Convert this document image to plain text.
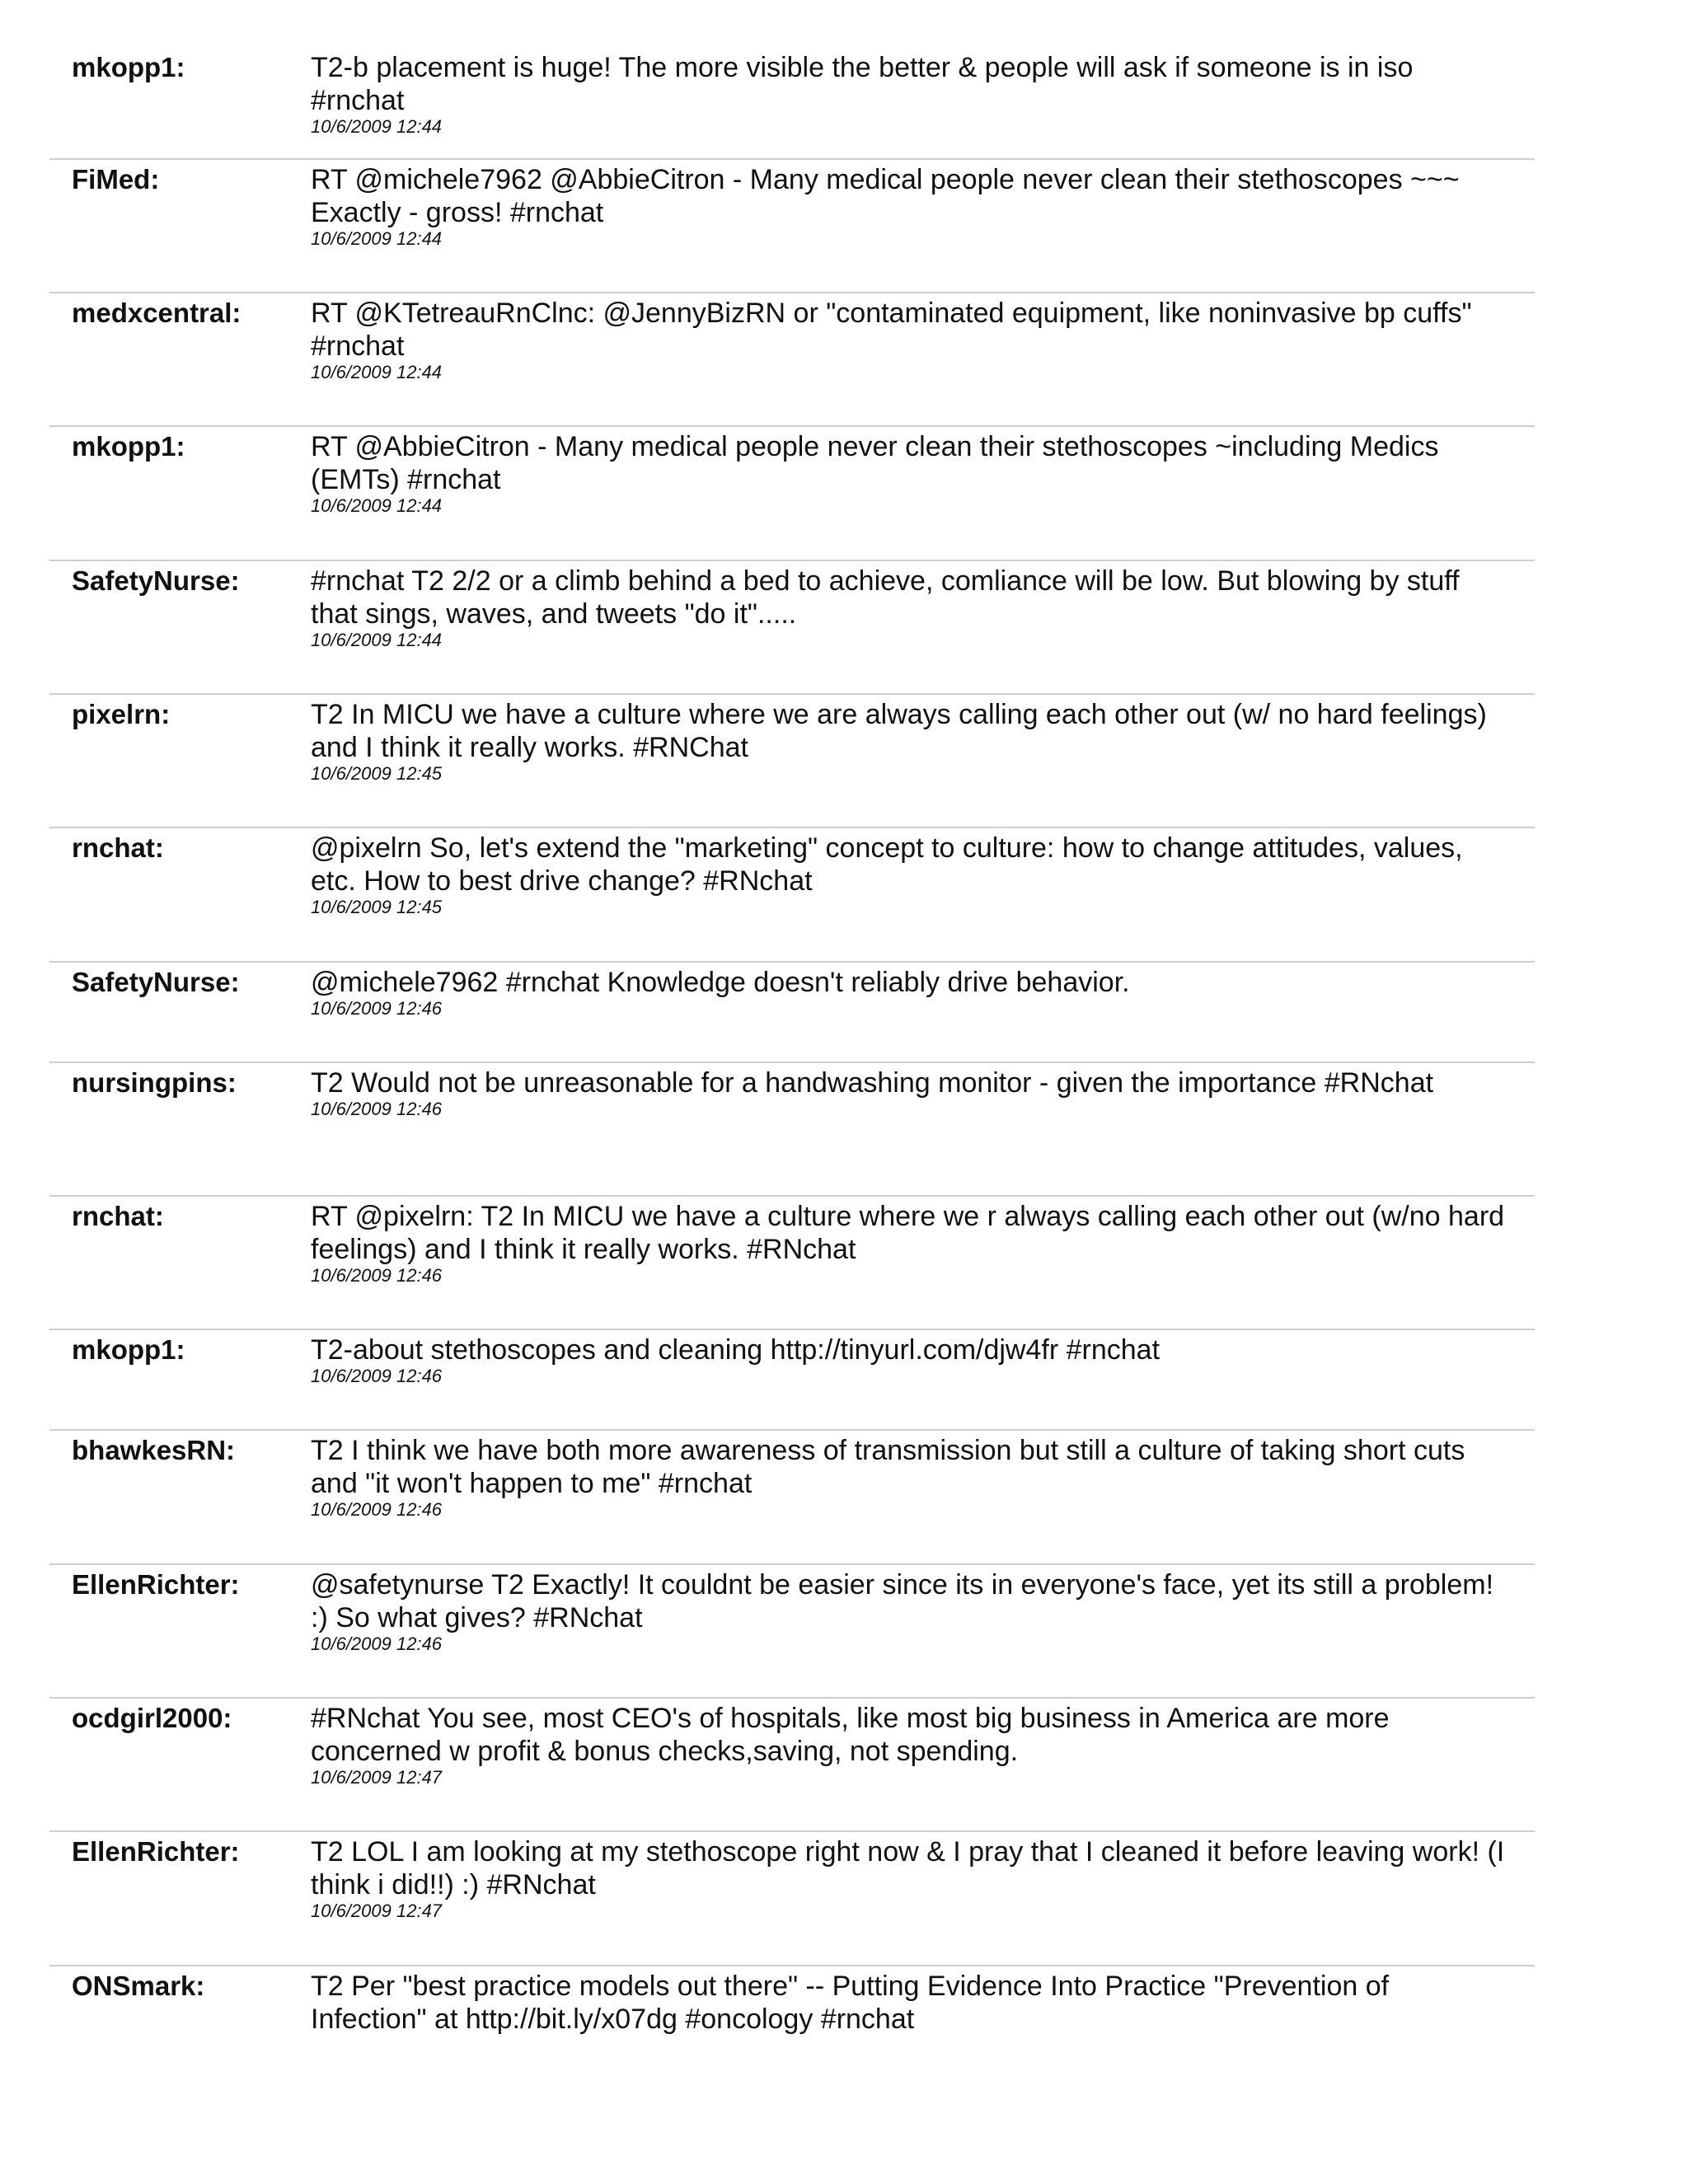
mkopp1:	T2-b placement is huge! The more visible the better & people will ask if someone is in iso #rnchat

10/6/2009 12:44

FiMed:	RT @michele7962 @AbbieCitron - Many medical people never clean their stethoscopes ~~~ Exactly - gross! #rnchat

10/6/2009 12:44

medxcentral:	RT @KTetreauRnClnc: @JennyBizRN or "contaminated equipment, like noninvasive bp cuffs" #rnchat

10/6/2009 12:44

mkopp1:	RT @AbbieCitron - Many medical people never clean their stethoscopes ~including Medics (EMTs) #rnchat

10/6/2009 12:44

SafetyNurse:	#rnchat T2 2/2 or a climb behind a bed to achieve, comliance will be low. But blowing by stuff that sings, waves, and tweets "do it".....

10/6/2009 12:44

pixelrn:	T2 In MICU we have a culture where we are always calling each other out (w/ no hard feelings) and I think it really works. #RNChat

10/6/2009 12:45

rnchat:	@pixelrn So, let's extend the "marketing" concept to culture: how to change attitudes, values, etc. How to best drive change? #RNchat

10/6/2009 12:45

SafetyNurse:	@michele7962 #rnchat Knowledge doesn't reliably drive behavior.

10/6/2009 12:46

nursingpins:	T2 Would not be unreasonable for a handwashing monitor - given the importance #RNchat

10/6/2009 12:46

rnchat:	RT @pixelrn: T2 In MICU we have a culture where we r always calling each other out (w/no hard feelings) and I think it really works. #RNchat

10/6/2009 12:46

mkopp1:	T2-about stethoscopes and cleaning http://tinyurl.com/djw4fr #rnchat

10/6/2009 12:46

bhawkesRN:	T2 I think we have both more awareness of transmission but still a culture of taking short cuts and "it won't happen to me" #rnchat

10/6/2009 12:46

EllenRichter:	@safetynurse T2 Exactly! It couldnt be easier since its in everyone's face, yet its still a problem! :) So what gives? #RNchat

10/6/2009 12:46

ocdgirl2000:	#RNchat You see, most CEO's of hospitals, like most big business in America are more concerned w profit & bonus checks,saving, not spending.

10/6/2009 12:47

EllenRichter:	T2 LOL I am looking at my stethoscope right now & I pray that I cleaned it before leaving work! (I think i did!!) :) #RNchat

10/6/2009 12:47

ONSmark:	T2 Per "best practice models out there" -- Putting Evidence Into Practice "Prevention of Infection" at http://bit.ly/x07dg #oncology #rnchat
